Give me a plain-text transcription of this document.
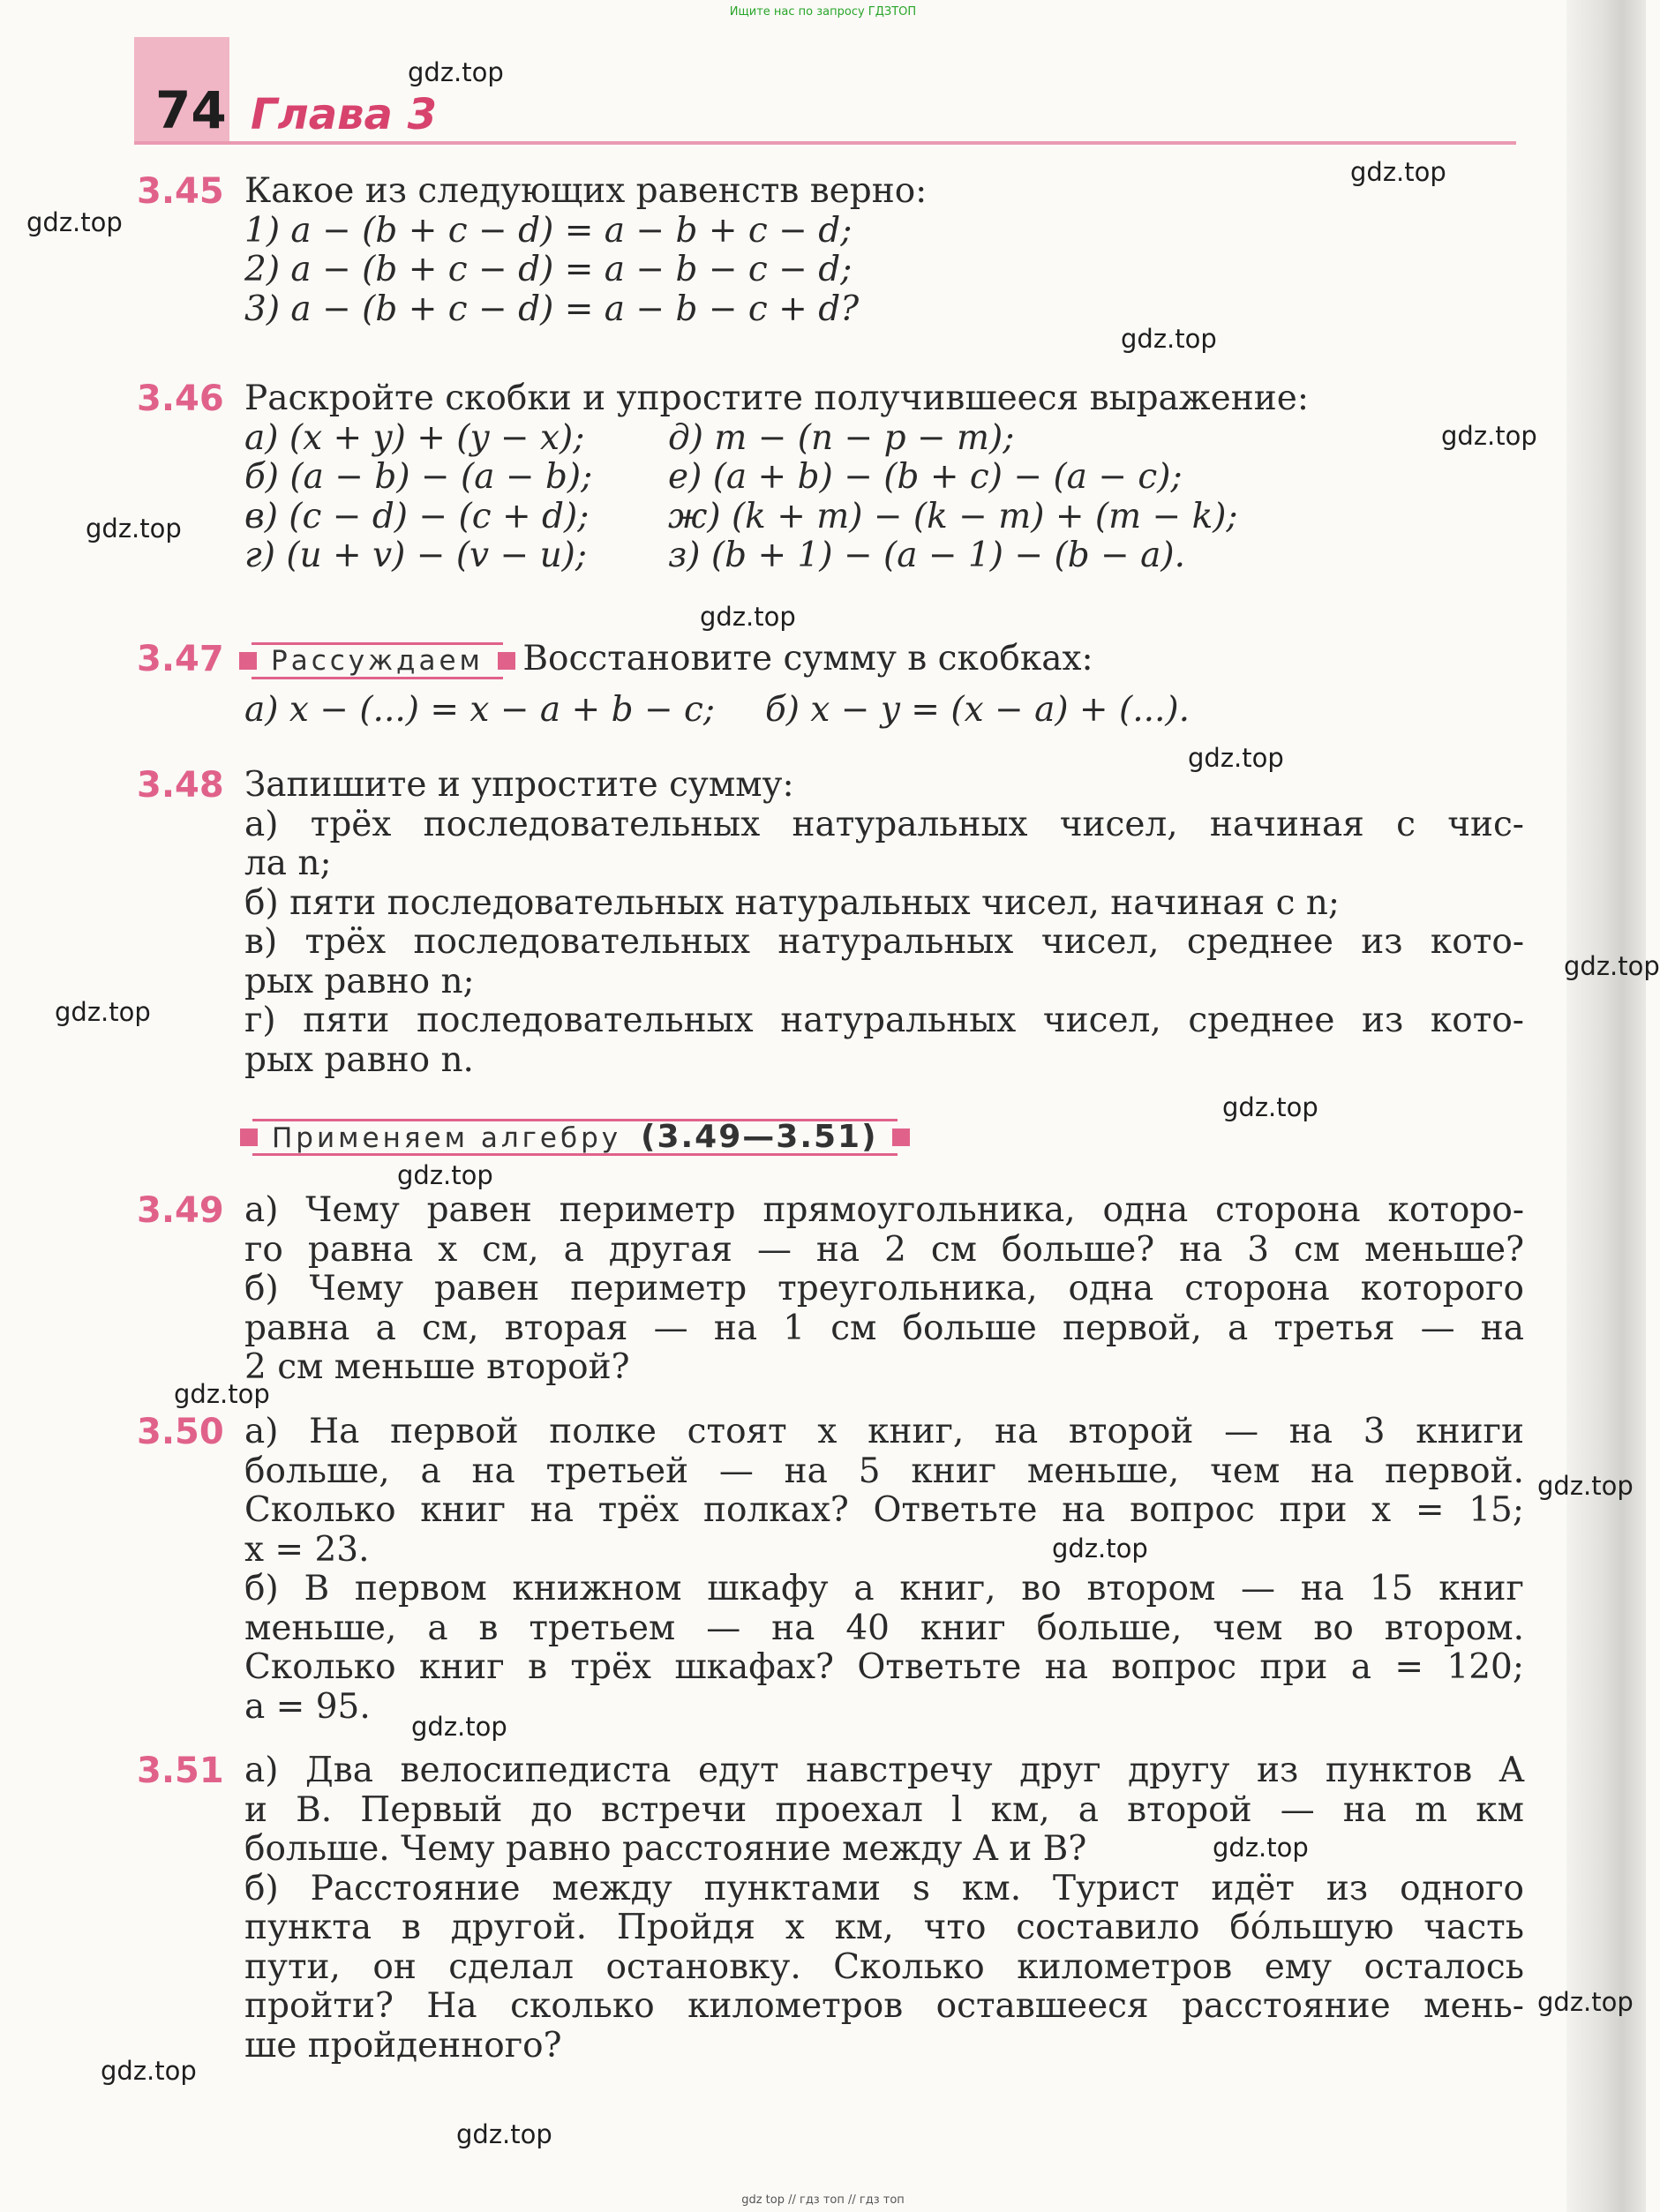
Ищите нас по запросу ГДЗТОП
74 Глава 3
3.45 Какое из следующих равенств верно:
1) a − (b + c − d) = a − b + c − d;
2) a − (b + c − d) = a − b − c − d;
3) a − (b + c − d) = a − b − c + d?
3.46 Раскройте скобки и упростите получившееся выражение:
а) (x + y) + (y − x);
б) (a − b) − (a − b);
в) (c − d) − (c + d);
г) (u + v) − (v − u);
д) m − (n − p − m);
е) (a + b) − (b + c) − (a − c);
ж) (k + m) − (k − m) + (m − k);
з) (b + 1) − (a − 1) − (b − a).
3.47	Рассуждаем Восстановите сумму в скобках:
а) x − (...) = x − a + b − c;	б) x − y = (x − a) + (...).
3.48 Запишите и упростите сумму:
а) трёх последовательных натуральных чисел, начиная с чис-
ла n;
б) пяти последовательных натуральных чисел, начиная с n;
в) трёх последовательных натуральных чисел, среднее из кото-
рых равно n;
г) пяти последовательных натуральных чисел, среднее из кото-
рых равно n.
Применяем алгебру (3.49—3.51)
3.49 а) Чему равен периметр прямоугольника, одна сторона которо-
го равна x см, а другая — на 2 см больше? на 3 см меньше?
б) Чему равен периметр треугольника, одна сторона которого
равна a см, вторая — на 1 см больше первой, а третья — на
2 см меньше второй?
3.50 а) На первой полке стоят x книг, на второй — на 3 книги
больше, а на третьей — на 5 книг меньше, чем на первой.
Сколько книг на трёх полках? Ответьте на вопрос при x = 15;
x = 23.
б) В первом книжном шкафу a книг, во втором — на 15 книг
меньше, а в третьем — на 40 книг больше, чем во втором.
Сколько книг в трёх шкафах? Ответьте на вопрос при a = 120;
a = 95.
3.51 а) Два велосипедиста едут навстречу друг другу из пунктов A
и B. Первый до встречи проехал l км, а второй — на m км
больше. Чему равно расстояние между A и B?
б) Расстояние между пунктами s км. Турист идёт из одного
пункта в другой. Пройдя x км, что составило бóльшую часть
пути, он сделал остановку. Сколько километров ему осталось
пройти? На сколько километров оставшееся расстояние мень-
ше пройденного?
gdz.top
gdz.top
gdz.top
gdz.top
gdz.top
gdz.top
gdz.top
gdz.top
gdz.top
gdz.top
gdz.top
gdz.top
gdz.top
gdz.top
gdz.top
gdz.top
gdz.top
gdz.top
gdz.top
gdz.top
gdz top // гдз топ // гдз топ
